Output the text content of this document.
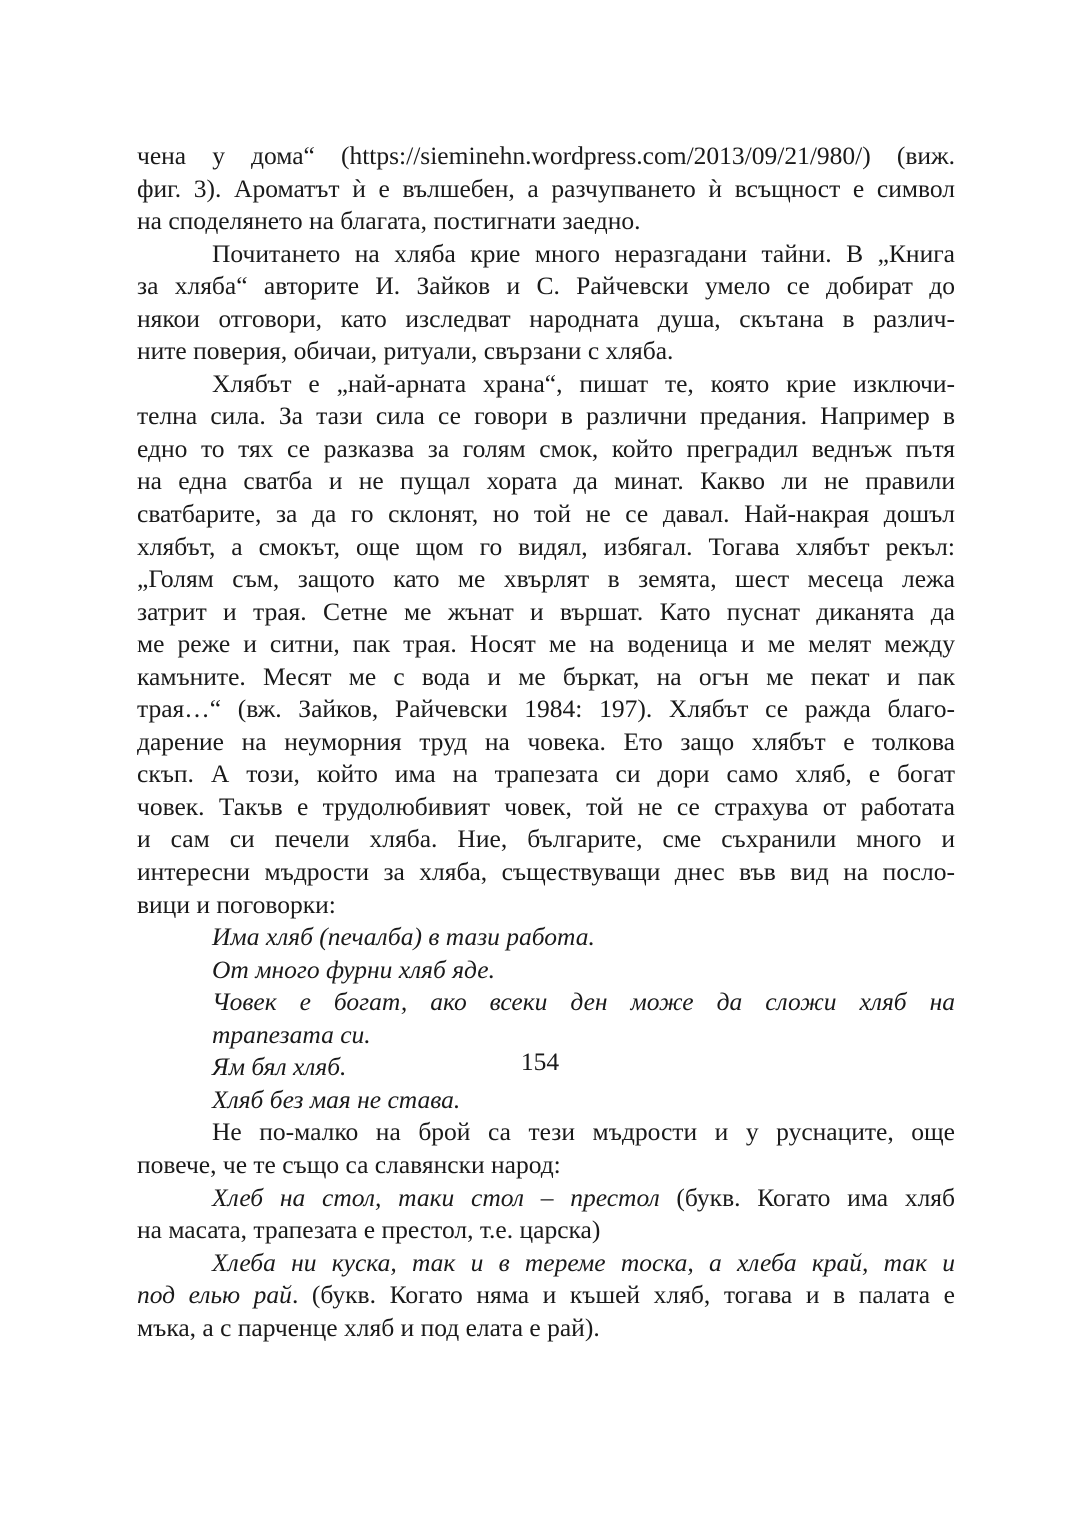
чена у дома“ (https://sieminehn.wordpress.com/2013/09/21/980/) (виж.
фиг. 3). Ароматът ѝ е вълшебен, а разчупването ѝ всъщност е символ
на споделянето на благата, постигнати заедно.
Почитането на хляба крие много неразгадани тайни. В „Книга
за хляба“ авторите И. Зайков и С. Райчевски умело се добират до
някои отговори, като изследват народната душа, скътана в различ-
ните поверия, обичаи, ритуали, свързани с хляба.
Хлябът е „най-арната храна“, пишат те, която крие изключи-
телна сила. За тази сила се говори в различни предания. Например в
едно то тях се разказва за голям смок, който преградил веднъж пътя
на една сватба и не пущал хората да минат. Какво ли не правили
сватбарите, за да го склонят, но той не се давал. Най-накрая дошъл
хлябът, а смокът, още щом го видял, избягал. Тогава хлябът рекъл:
„Голям съм, защото като ме хвърлят в земята, шест месеца лежа
затрит и трая. Сетне ме жънат и вършат. Като пуснат диканята да
ме реже и ситни, пак трая. Носят ме на воденица и ме мелят между
камъните. Месят ме с вода и ме бъркат, на огън ме пекат и пак
трая…“ (вж. Зайков, Райчевски 1984: 197). Хлябът се ражда благо-
дарение на неуморния труд на човека. Ето защо хлябът е толкова
скъп. А този, който има на трапезата си дори само хляб, е богат
човек. Такъв е трудолюбивият човек, той не се страхува от работата
и сам си печели хляба. Ние, българите, сме съхранили много и
интересни мъдрости за хляба, съществуващи днес във вид на посло-
вици и поговорки:
Има хляб (печалба) в тази работа.
От много фурни хляб яде.
Човек е богат, ако всеки ден може да сложи хляб на
трапезата си.
Ям бял хляб.
Хляб без мая не става.
Не по-малко на брой са тези мъдрости и у руснаците, още
повече, че те също са славянски народ:
Хлеб на стол, таки стол – престол (букв. Когато има хляб
на масата, трапезата е престол, т.е. царска)
Хлеба ни куска, так и в тереме тоска, а хлеба край, так и
под елью рай. (букв. Когато няма и къшей хляб, тогава и в палата е
мъка, а с парченце хляб и под елата е рай).
154
